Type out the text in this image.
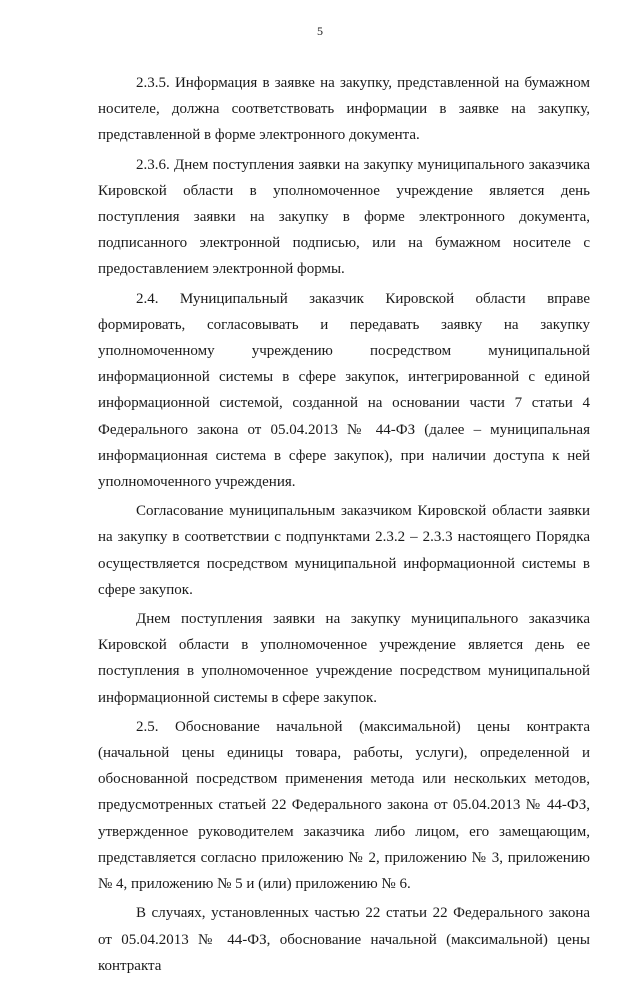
5

2.3.5. Информация в заявке на закупку, представленной на бумажном носителе, должна соответствовать информации в заявке на закупку, представленной в форме электронного документа.

2.3.6. Днем поступления заявки на закупку муниципального заказчика Кировской области в уполномоченное учреждение является день поступления заявки на закупку в форме электронного документа, подписанного электронной подписью, или на бумажном носителе с предоставлением электронной формы.

2.4. Муниципальный заказчик Кировской области вправе формировать, согласовывать и передавать заявку на закупку уполномоченному учреждению посредством муниципальной информационной системы в сфере закупок, интегрированной с единой информационной системой, созданной на основании части 7 статьи 4 Федерального закона от 05.04.2013 № 44-ФЗ (далее – муниципальная информационная система в сфере закупок), при наличии доступа к ней уполномоченного учреждения.

Согласование муниципальным заказчиком Кировской области заявки на закупку в соответствии с подпунктами 2.3.2 – 2.3.3 настоящего Порядка осуществляется посредством муниципальной информационной системы в сфере закупок.

Днем поступления заявки на закупку муниципального заказчика Кировской области в уполномоченное учреждение является день ее поступления в уполномоченное учреждение посредством муниципальной информационной системы в сфере закупок.

2.5. Обоснование начальной (максимальной) цены контракта (начальной цены единицы товара, работы, услуги), определенной и обоснованной посредством применения метода или нескольких методов, предусмотренных статьей 22 Федерального закона от 05.04.2013 № 44-ФЗ, утвержденное руководителем заказчика либо лицом, его замещающим, представляется согласно приложению № 2, приложению № 3, приложению № 4, приложению № 5 и (или) приложению № 6.

В случаях, установленных частью 22 статьи 22 Федерального закона от 05.04.2013 № 44-ФЗ, обоснование начальной (максимальной) цены контракта
